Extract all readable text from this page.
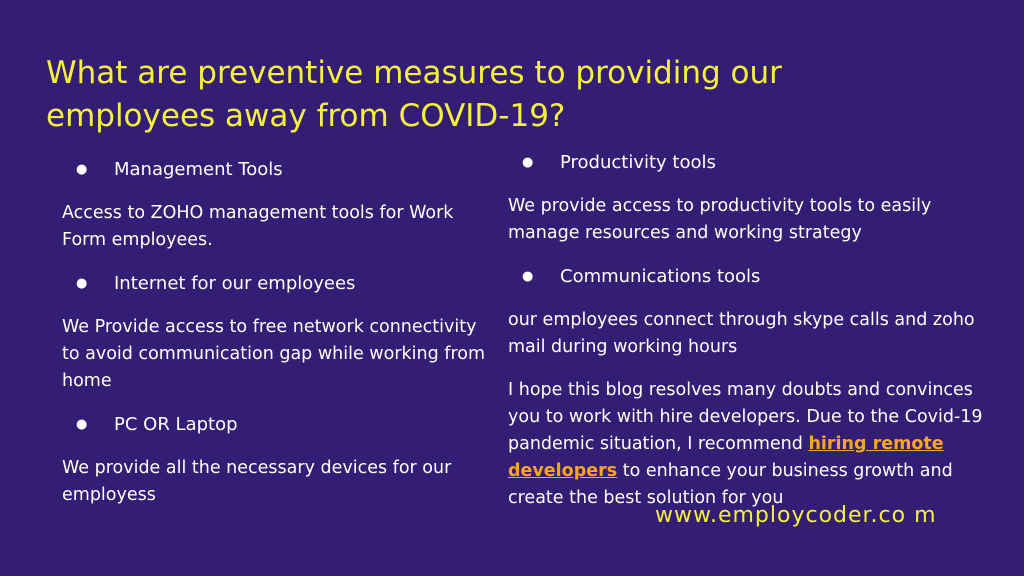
What are preventive measures to providing our employees away from COVID-19?

●	Management Tools

Access to ZOHO management tools for Work Form employees.

●	Internet for our employees

We Provide access to free network connectivity to avoid communication gap while working from home

●	PC OR Laptop

We provide all the necessary devices for our employess

●	Productivity tools

We provide access to productivity tools to easily manage resources and working strategy

●	Communications tools

our employees connect through skype calls and zoho mail during working hours

I hope this blog resolves many doubts and convinces you to work with hire developers. Due to the Covid-19 pandemic situation, I recommend hiring remote developers to enhance your business growth and create the best solution for you

www.employcoder.co m
